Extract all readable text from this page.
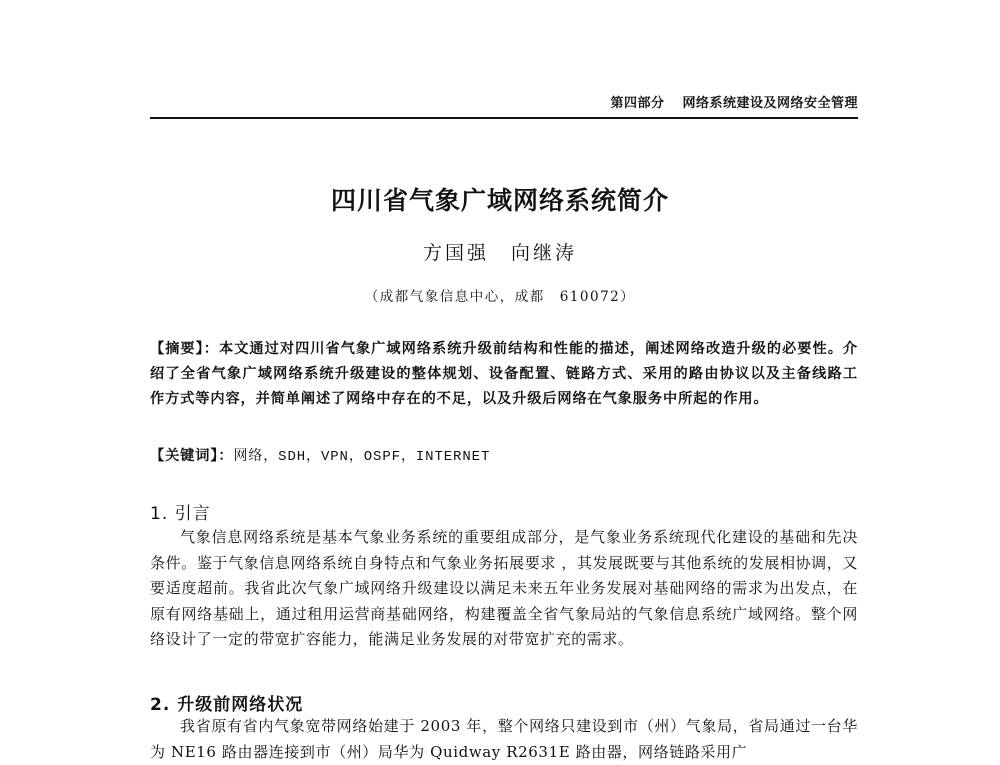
第四部分 网络系统建设及网络安全管理
四川省气象广域网络系统简介
方国强 向继涛
（成都气象信息中心，成都　610072）
【摘要】：本文通过对四川省气象广域网络系统升级前结构和性能的描述，阐述网络改造升级的必要性。介绍了全省气象广域网络系统升级建设的整体规划、设备配置、链路方式、采用的路由协议以及主备线路工作方式等内容，并简单阐述了网络中存在的不足，以及升级后网络在气象服务中所起的作用。
【关键词】：网络，SDH，VPN，OSPF，INTERNET
1. 引言
气象信息网络系统是基本气象业务系统的重要组成部分，是气象业务系统现代化建设的基础和先决条件。鉴于气象信息网络系统自身特点和气象业务拓展要求 ，其发展既要与其他系统的发展相协调，又要适度超前。我省此次气象广域网络升级建设以满足未来五年业务发展对基础网络的需求为出发点，在原有网络基础上，通过租用运营商基础网络，构建覆盖全省气象局站的气象信息系统广域网络。整个网络设计了一定的带宽扩容能力，能满足业务发展的对带宽扩充的需求。
2. 升级前网络状况
我省原有省内气象宽带网络始建于 2003 年，整个网络只建设到市（州）气象局，省局通过一台华为 NE16 路由器连接到市（州）局华为 Quidway R2631E 路由器，网络链路采用广
